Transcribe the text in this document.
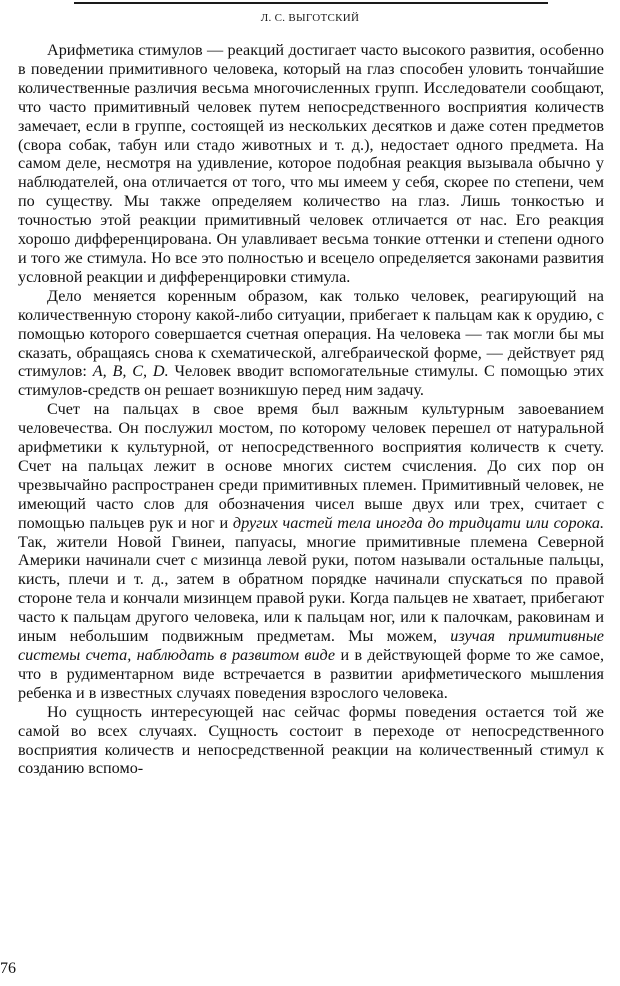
Л. С. ВЫГОТСКИЙ

Арифметика стимулов — реакций достигает часто высокого развития, особенно в поведении примитивного человека, который на глаз способен уловить тончайшие количественные различия весьма многочисленных групп. Исследователи сообщают, что часто примитивный человек путем непосредственного восприятия количеств замечает, если в группе, состоящей из нескольких десятков и даже сотен предметов (свора собак, табун или стадо животных и т. д.), недостает одного предмета. На самом деле, несмотря на удивление, которое подобная реакция вызывала обычно у наблюдателей, она отличается от того, что мы имеем у себя, скорее по степени, чем по существу. Мы также определяем количество на глаз. Лишь тонкостью и точностью этой реакции примитивный человек отличается от нас. Его реакция хорошо дифференцирована. Он улавливает весьма тонкие оттенки и степени одного и того же стимула. Но все это полностью и всецело определяется законами развития условной реакции и дифференцировки стимула.

Дело меняется коренным образом, как только человек, реагирующий на количественную сторону какой-либо ситуации, прибегает к пальцам как к орудию, с помощью которого совершается счетная операция. На человека — так могли бы мы сказать, обращаясь снова к схематической, алгебраической форме, — действует ряд стимулов: A, B, C, D. Человек вводит вспомогательные стимулы. С помощью этих стимулов-средств он решает возникшую перед ним задачу.

Счет на пальцах в свое время был важным культурным завоеванием человечества. Он послужил мостом, по которому человек перешел от натуральной арифметики к культурной, от непосредственного восприятия количеств к счету. Счет на пальцах лежит в основе многих систем счисления. До сих пор он чрезвычайно распространен среди примитивных племен. Примитивный человек, не имеющий часто слов для обозначения чисел выше двух или трех, считает с помощью пальцев рук и ног и других частей тела иногда до тридцати или сорока. Так, жители Новой Гвинеи, папуасы, многие примитивные племена Северной Америки начинали счет с мизинца левой руки, потом называли остальные пальцы, кисть, плечи и т. д., затем в обратном порядке начинали спускаться по правой стороне тела и кончали мизинцем правой руки. Когда пальцев не хватает, прибегают часто к пальцам другого человека, или к пальцам ног, или к палочкам, раковинам и иным небольшим подвижным предметам. Мы можем, изучая примитивные системы счета, наблюдать в развитом виде и в действующей форме то же самое, что в рудиментарном виде встречается в развитии арифметического мышления ребенка и в известных случаях поведения взрослого человека.

Но сущность интересующей нас сейчас формы поведения остается той же самой во всех случаях. Сущность состоит в переходе от непосредственного восприятия количеств и непосредственной реакции на количественный стимул к созданию вспомо-

76
